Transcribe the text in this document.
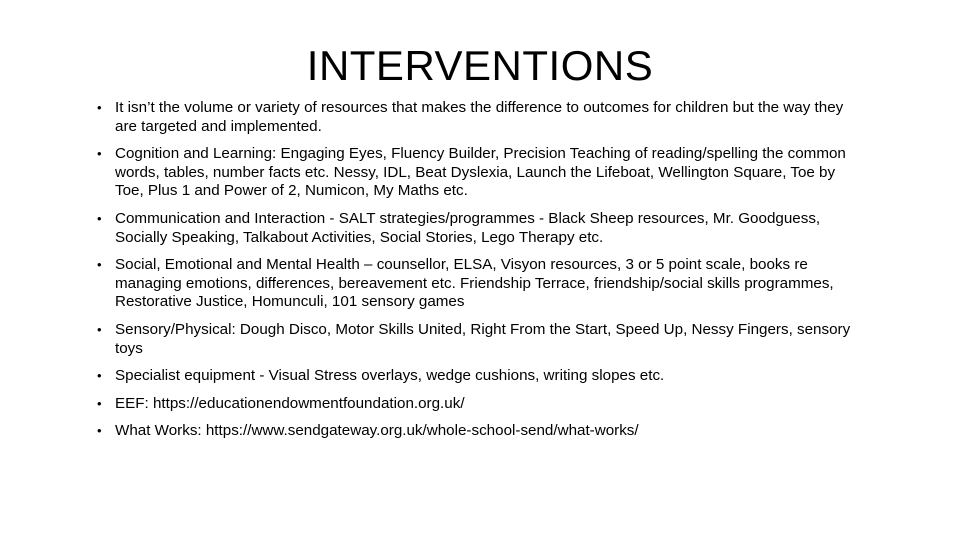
INTERVENTIONS
• It isn’t the volume or variety of resources that makes the difference to outcomes for children but the way they are targeted and implemented.
• Cognition and Learning: Engaging Eyes, Fluency Builder, Precision Teaching of reading/spelling the common words, tables, number facts etc. Nessy, IDL, Beat Dyslexia, Launch the Lifeboat, Wellington Square, Toe by Toe, Plus 1 and Power of 2, Numicon, My Maths etc.
• Communication and Interaction - SALT strategies/programmes - Black Sheep resources, Mr. Goodguess, Socially Speaking, Talkabout Activities, Social Stories, Lego Therapy etc.
• Social, Emotional and Mental Health – counsellor, ELSA, Visyon resources, 3 or 5 point scale, books re managing emotions, differences, bereavement etc. Friendship Terrace, friendship/social skills programmes, Restorative Justice, Homunculi, 101 sensory games
• Sensory/Physical: Dough Disco, Motor Skills United, Right From the Start, Speed Up, Nessy Fingers, sensory toys
• Specialist equipment - Visual Stress overlays, wedge cushions, writing slopes etc.
• EEF: https://educationendowmentfoundation.org.uk/
• What Works: https://www.sendgateway.org.uk/whole-school-send/what-works/
